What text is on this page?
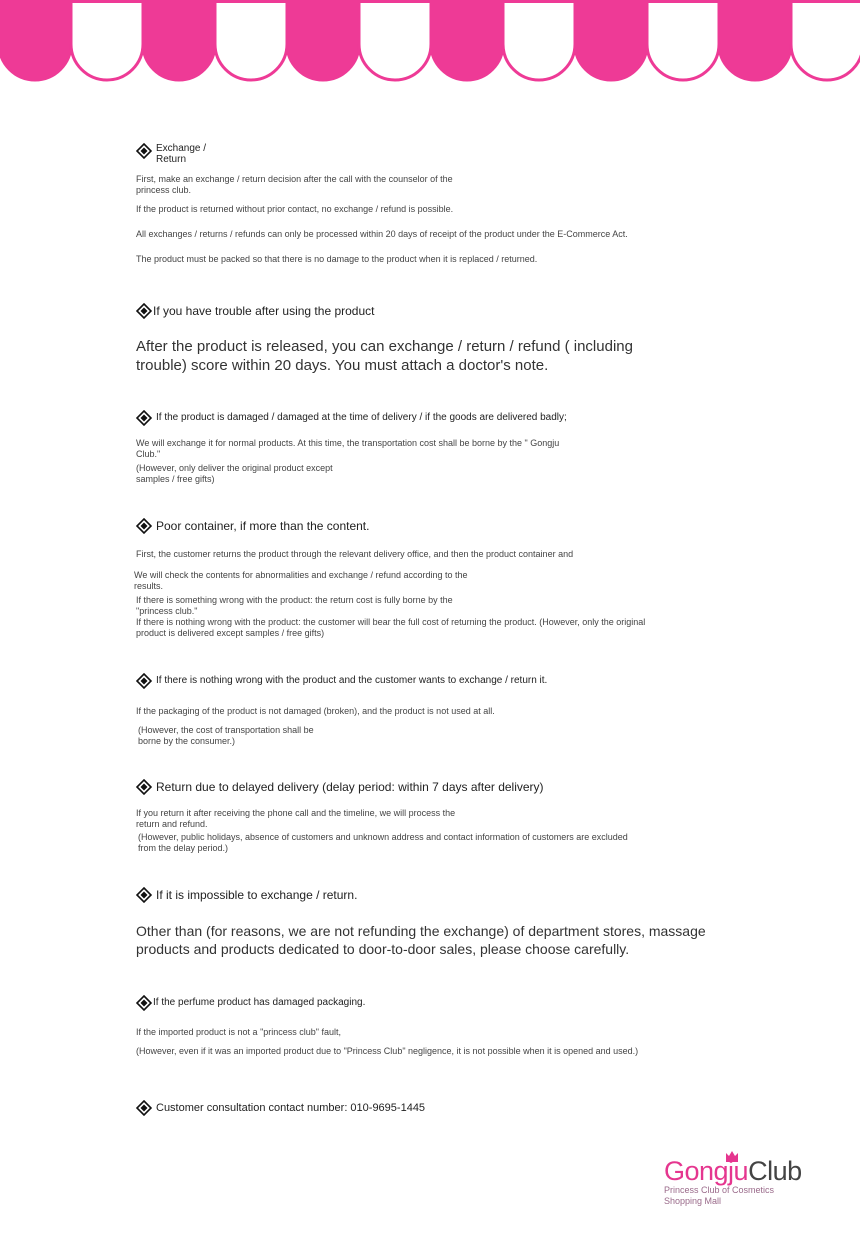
Exchange / Return

First, make an exchange / return decision after the call with the counselor of the princess club.

If the product is returned without prior contact, no exchange / refund is possible.

All exchanges / returns / refunds can only be processed within 20 days of receipt of the product under the E-Commerce Act.

The product must be packed so that there is no damage to the product when it is replaced / returned.

If you have trouble after using the product

After the product is released, you can exchange / return / refund ( including trouble) score within 20 days. You must attach a doctor's note.

If the product is damaged / damaged at the time of delivery / if the goods are delivered badly;

We will exchange it for normal products. At this time, the transportation cost shall be borne by the " Gongju Club."

(However, only deliver the original product except samples / free gifts)

Poor container, if more than the content.

First, the customer returns the product through the relevant delivery office, and then the product container and

We will check the contents for abnormalities and exchange / refund according to the results.

If there is something wrong with the product: the return cost is fully borne by the "princess club."

If there is nothing wrong with the product: the customer will bear the full cost of returning the product. (However, only the original product is delivered except samples / free gifts)

If there is nothing wrong with the product and the customer wants to exchange / return it.

If the packaging of the product is not damaged (broken), and the product is not used at all.

(However, the cost of transportation shall be borne by the consumer.)

Return due to delayed delivery (delay period: within 7 days after delivery)

If you return it after receiving the phone call and the timeline, we will process the return and refund.

(However, public holidays, absence of customers and unknown address and contact information of customers are excluded from the delay period.)

If it is impossible to exchange / return.

Other than (for reasons, we are not refunding the exchange) of department stores, massage products and products dedicated to door-to-door sales, please choose carefully.

If the perfume product has damaged packaging.

If the imported product is not a "princess club" fault,

(However, even if it was an imported product due to "Princess Club" negligence, it is not possible when it is opened and used.)

Customer consultation contact number: 010-9695-1445
GongjuClub
Princess Club of Cosmetics Shopping Mall
